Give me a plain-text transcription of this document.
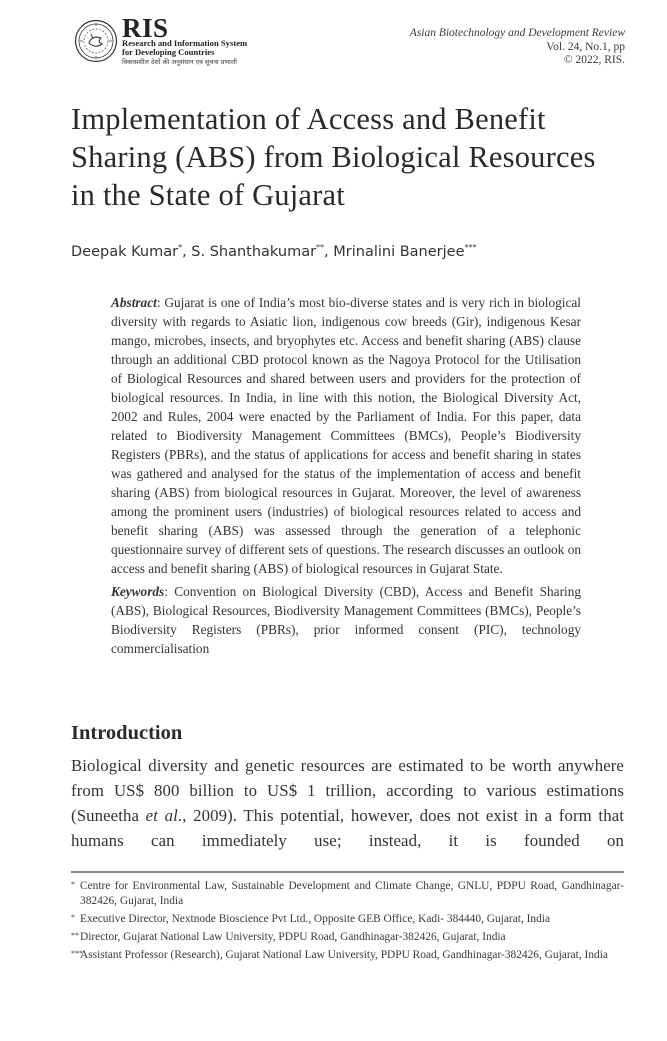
RIS
Research and Information System
for Developing Countries
विकासशील देशों की अनुसंधान एवं सूचना प्रणाली
Asian Biotechnology and Development Review
Vol. 24, No.1, pp
© 2022, RIS.
Implementation of Access and Benefit
Sharing (ABS) from Biological Resources
in the State of Gujarat
Deepak Kumar*, S. Shanthakumar**, Mrinalini Banerjee***

Abstract: Gujarat is one of India’s most bio-diverse states and is very rich in biological diversity with regards to Asiatic lion, indigenous cow breeds (Gir), indigenous Kesar mango, microbes, insects, and bryophytes etc. Access and benefit sharing (ABS) clause through an additional CBD protocol known as the Nagoya Protocol for the Utilisation of Biological Resources and shared between users and providers for the protection of biological resources. In India, in line with this notion, the Biological Diversity Act, 2002 and Rules, 2004 were enacted by the Parliament of India. For this paper, data related to Biodiversity Management Committees (BMCs), People’s Biodiversity Registers (PBRs), and the status of applications for access and benefit sharing in states was gathered and analysed for the status of the implementation of access and benefit sharing (ABS) from biological resources in Gujarat. Moreover, the level of awareness among the prominent users (industries) of biological resources related to access and benefit sharing (ABS) was assessed through the generation of a telephonic questionnaire survey of different sets of questions. The research discusses an outlook on access and benefit sharing (ABS) of biological resources in Gujarat State.

Keywords: Convention on Biological Diversity (CBD), Access and Benefit Sharing (ABS), Biological Resources, Biodiversity Management Committees (BMCs), People’s Biodiversity Registers (PBRs), prior informed consent (PIC), technology commercialisation

Introduction

Biological diversity and genetic resources are estimated to be worth anywhere from US$ 800 billion to US$ 1 trillion, according to various estimations (Suneetha et al., 2009). This potential, however, does not exist in a form that humans can immediately use; instead, it is founded on

* Centre for Environmental Law, Sustainable Development and Climate Change, GNLU, PDPU Road, Gandhinagar-382426, Gujarat, India
* Executive Director, Nextnode Bioscience Pvt Ltd., Opposite GEB Office, Kadi- 384440, Gujarat, India
** Director, Gujarat National Law University, PDPU Road, Gandhinagar-382426, Gujarat, India
***
Assistant Professor (Research), Gujarat National Law University, PDPU Road, Gandhinagar-382426, Gujarat, India
